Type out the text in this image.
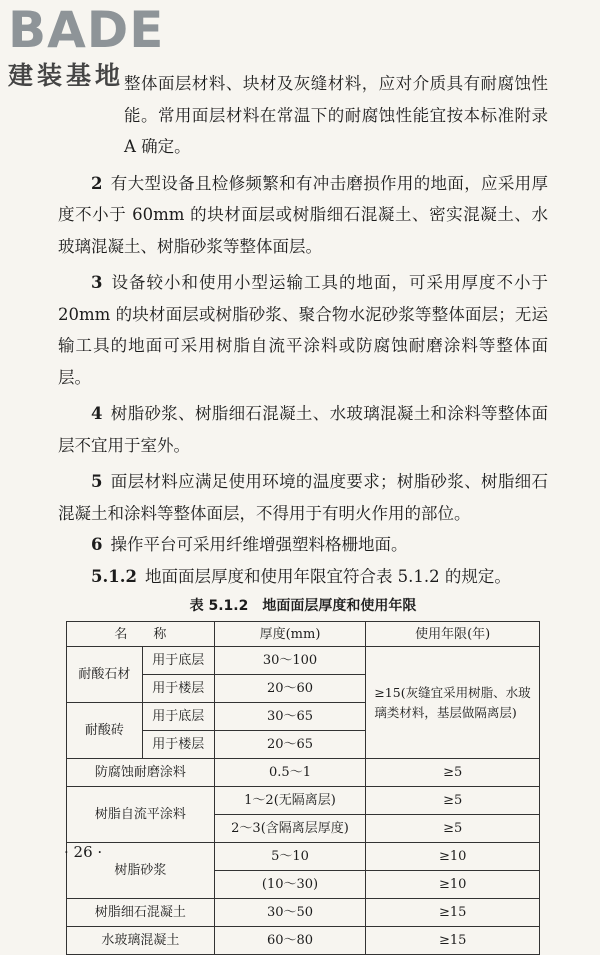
BADE
建装基地 整体面层材料、块材及灰缝材料，应对介质具有耐腐蚀性能。常用面层材料在常温下的耐腐蚀性能宜按本标准附录 A 确定。

2 有大型设备且检修频繁和有冲击磨损作用的地面，应采用厚度不小于 60mm 的块材面层或树脂细石混凝土、密实混凝土、水玻璃混凝土、树脂砂浆等整体面层。

3 设备较小和使用小型运输工具的地面，可采用厚度不小于 20mm 的块材面层或树脂砂浆、聚合物水泥砂浆等整体面层；无运输工具的地面可采用树脂自流平涂料或防腐蚀耐磨涂料等整体面层。

4 树脂砂浆、树脂细石混凝土、水玻璃混凝土和涂料等整体面层不宜用于室外。

5 面层材料应满足使用环境的温度要求；树脂砂浆、树脂细石混凝土和涂料等整体面层，不得用于有明火作用的部位。

6 操作平台可采用纤维增强塑料格栅地面。

5.1.2 地面面层厚度和使用年限宜符合表 5.1.2 的规定。

表 5.1.2　地面面层厚度和使用年限
名　　称		厚度(mm)	使用年限(年)
耐酸石材	用于底层	30～100	≥15(灰缝宜采用树脂、水玻璃类材料，基层做隔离层)
	用于楼层	20～60	
耐酸砖	用于底层	30～65	
	用于楼层	20～65	
防腐蚀耐磨涂料		0.5～1	≥5
树脂自流平涂料		1～2(无隔离层)	≥5
		2～3(含隔离层厚度)	≥5
树脂砂浆		5～10	≥10
		(10～30)	≥10
树脂细石混凝土		30～50	≥15
水玻璃混凝土		60～80	≥15
· 26 ·
